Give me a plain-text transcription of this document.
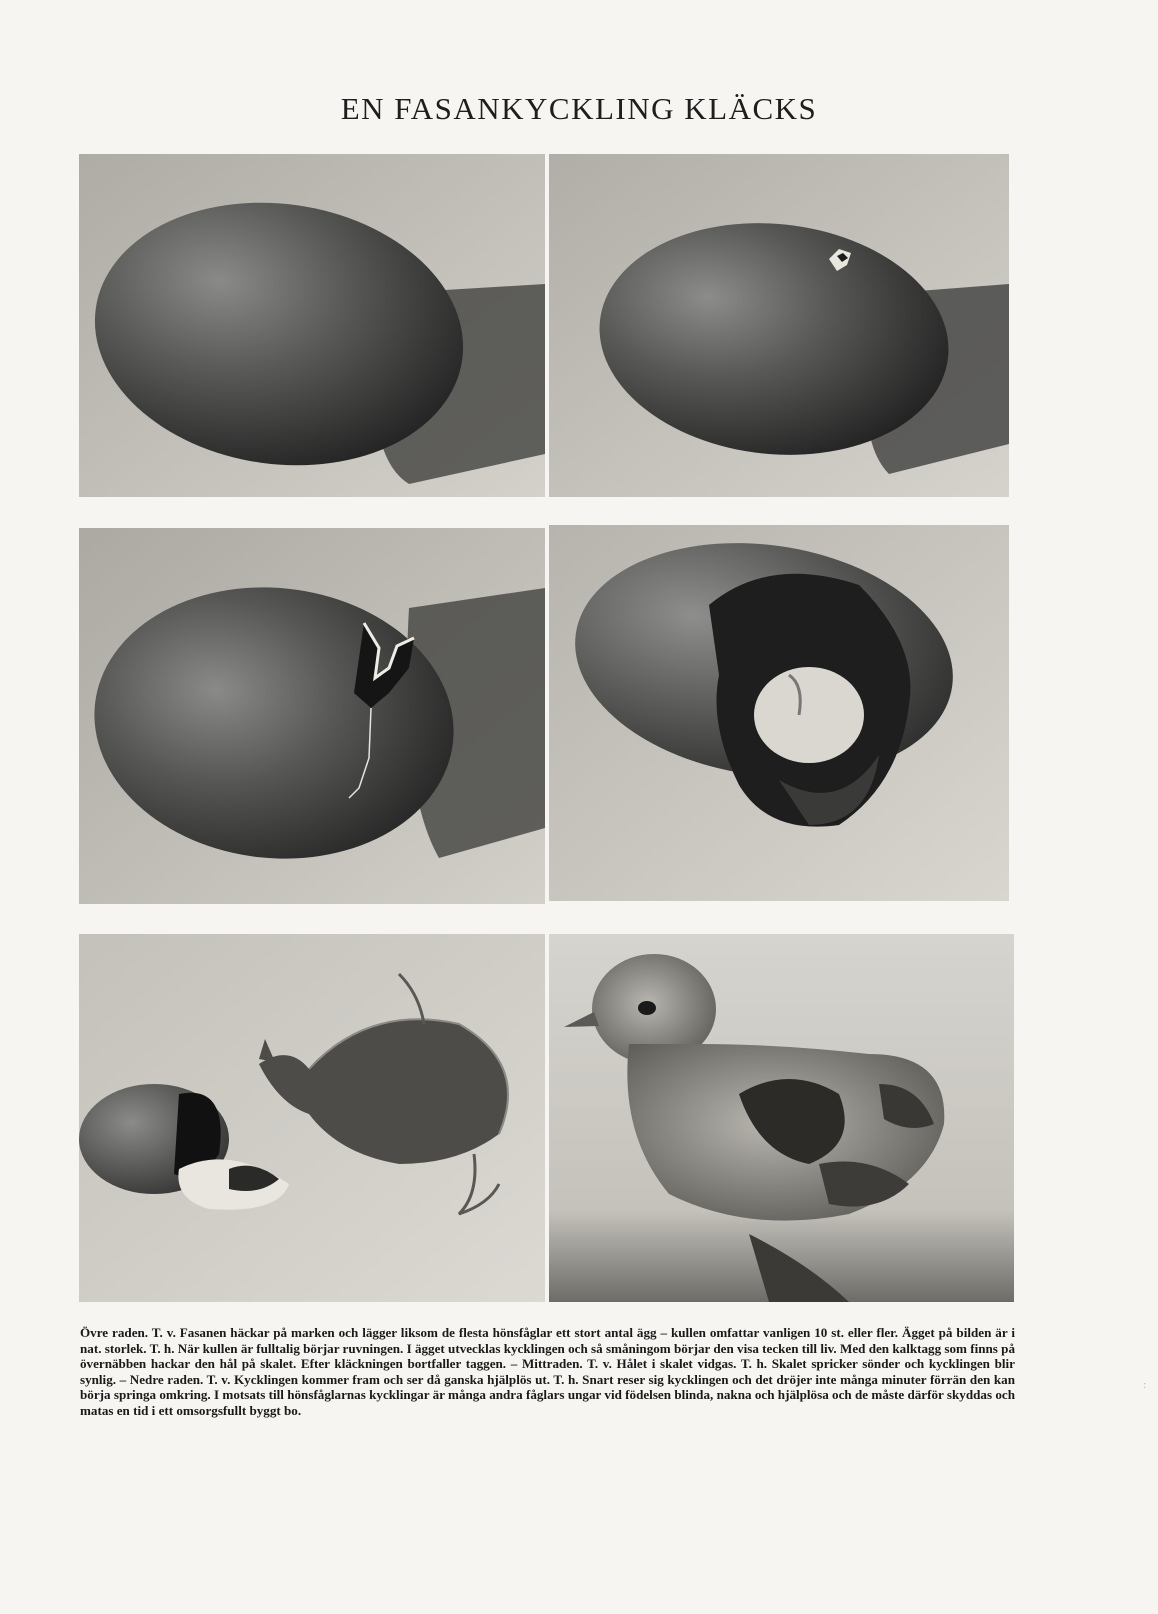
EN FASANKYCKLING KLÄCKS

Övre raden. T. v. Fasanen häckar på marken och lägger liksom de flesta hönsfåglar ett stort antal ägg – kullen omfattar vanligen 10 st. eller fler. Ägget på bilden är i nat. storlek. T. h. När kullen är fulltalig börjar ruvningen. I ägget utvecklas kycklingen och så småningom börjar den visa tecken till liv. Med den kalktagg som finns på övernäbben hackar den hål på skalet. Efter kläckningen bortfaller taggen. – Mittraden. T. v. Hålet i skalet vidgas. T. h. Skalet spricker sönder och kycklingen blir synlig. – Nedre raden. T. v. Kycklingen kommer fram och ser då ganska hjälplös ut. T. h. Snart reser sig kycklingen och det dröjer inte många minuter förrän den kan börja springa omkring. I motsats till hönsfåglarnas kycklingar är många andra fåglars ungar vid födelsen blinda, nakna och hjälplösa och de måste därför skyddas och matas en tid i ett omsorgsfullt byggt bo.

:
